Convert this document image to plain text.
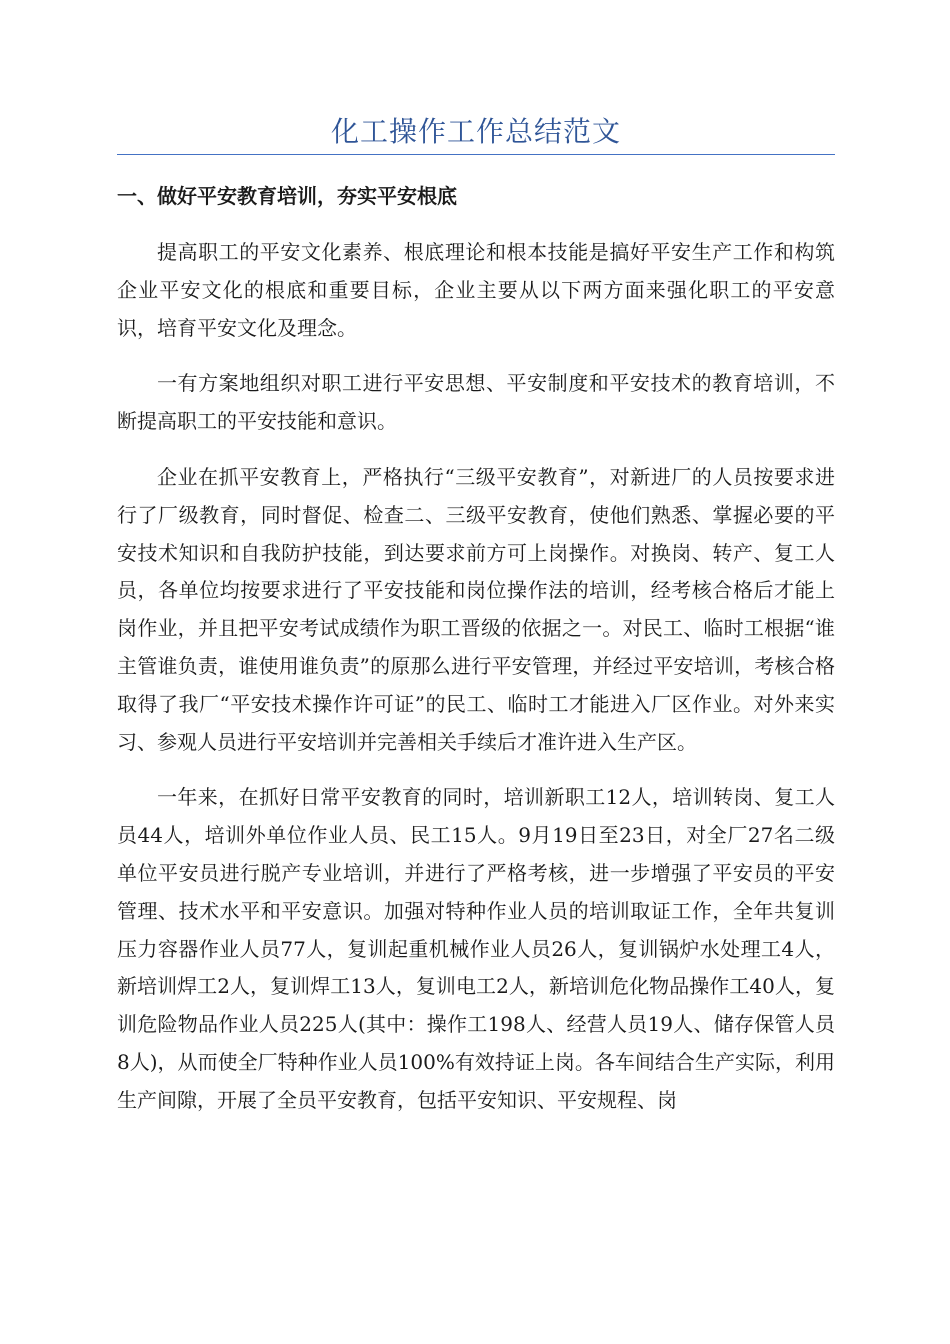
化工操作工作总结范文
一、做好平安教育培训，夯实平安根底

提高职工的平安文化素养、根底理论和根本技能是搞好平安生产工作和构筑企业平安文化的根底和重要目标，企业主要从以下两方面来强化职工的平安意识，培育平安文化及理念。

一有方案地组织对职工进行平安思想、平安制度和平安技术的教育培训，不断提高职工的平安技能和意识。

企业在抓平安教育上，严格执行“三级平安教育”，对新进厂的人员按要求进行了厂级教育，同时督促、检查二、三级平安教育，使他们熟悉、掌握必要的平安技术知识和自我防护技能，到达要求前方可上岗操作。对换岗、转产、复工人员，各单位均按要求进行了平安技能和岗位操作法的培训，经考核合格后才能上岗作业，并且把平安考试成绩作为职工晋级的依据之一。对民工、临时工根据“谁主管谁负责，谁使用谁负责”的原那么进行平安管理，并经过平安培训，考核合格取得了我厂“平安技术操作许可证”的民工、临时工才能进入厂区作业。对外来实习、参观人员进行平安培训并完善相关手续后才准许进入生产区。

一年来，在抓好日常平安教育的同时，培训新职工12人，培训转岗、复工人员44人，培训外单位作业人员、民工15人。9月19日至23日，对全厂27名二级单位平安员进行脱产专业培训，并进行了严格考核，进一步增强了平安员的平安管理、技术水平和平安意识。加强对特种作业人员的培训取证工作，全年共复训压力容器作业人员77人，复训起重机械作业人员26人，复训锅炉水处理工4人，新培训焊工2人，复训焊工13人，复训电工2人，新培训危化物品操作工40人，复训危险物品作业人员225人(其中：操作工198人、经营人员19人、储存保管人员8人)，从而使全厂特种作业人员100%有效持证上岗。各车间结合生产实际，利用生产间隙，开展了全员平安教育，包括平安知识、平安规程、岗
